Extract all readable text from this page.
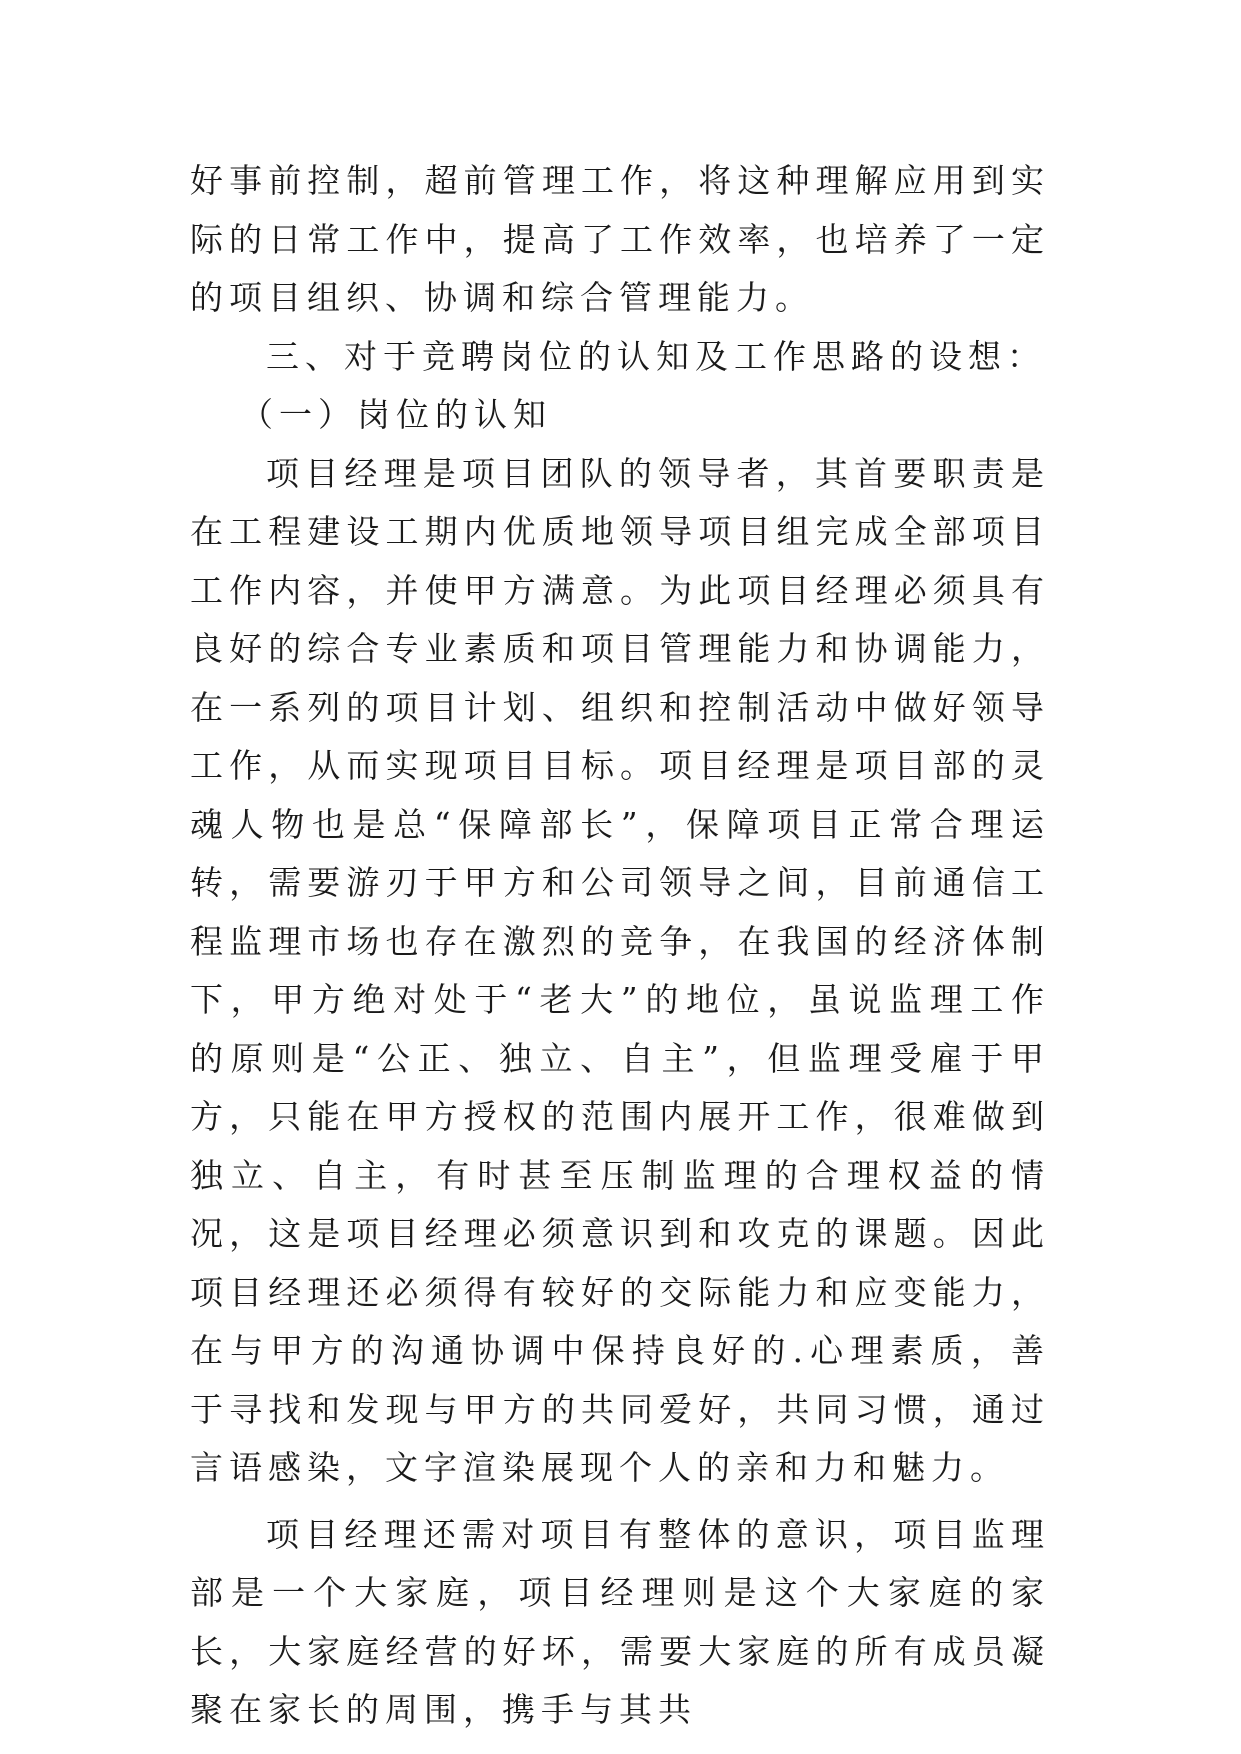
好事前控制，超前管理工作，将这种理解应用到实际的日常工作中，提高了工作效率，也培养了一定的项目组织、协调和综合管理能力。

三、对于竞聘岗位的认知及工作思路的设想：

（一）岗位的认知

项目经理是项目团队的领导者，其首要职责是在工程建设工期内优质地领导项目组完成全部项目工作内容，并使甲方满意。为此项目经理必须具有良好的综合专业素质和项目管理能力和协调能力，在一系列的项目计划、组织和控制活动中做好领导工作，从而实现项目目标。项目经理是项目部的灵魂人物也是总“保障部长”，保障项目正常合理运转，需要游刃于甲方和公司领导之间，目前通信工程监理市场也存在激烈的竞争，在我国的经济体制下，甲方绝对处于“老大”的地位，虽说监理工作的原则是“公正、独立、自主”，但监理受雇于甲方，只能在甲方授权的范围内展开工作，很难做到独立、自主，有时甚至压制监理的合理权益的情况，这是项目经理必须意识到和攻克的课题。因此项目经理还必须得有较好的交际能力和应变能力，在与甲方的沟通协调中保持良好的.心理素质，善于寻找和发现与甲方的共同爱好，共同习惯，通过言语感染，文字渲染展现个人的亲和力和魅力。

项目经理还需对项目有整体的意识，项目监理部是一个大家庭，项目经理则是这个大家庭的家长，大家庭经营的好坏，需要大家庭的所有成员凝聚在家长的周围，携手与其共
